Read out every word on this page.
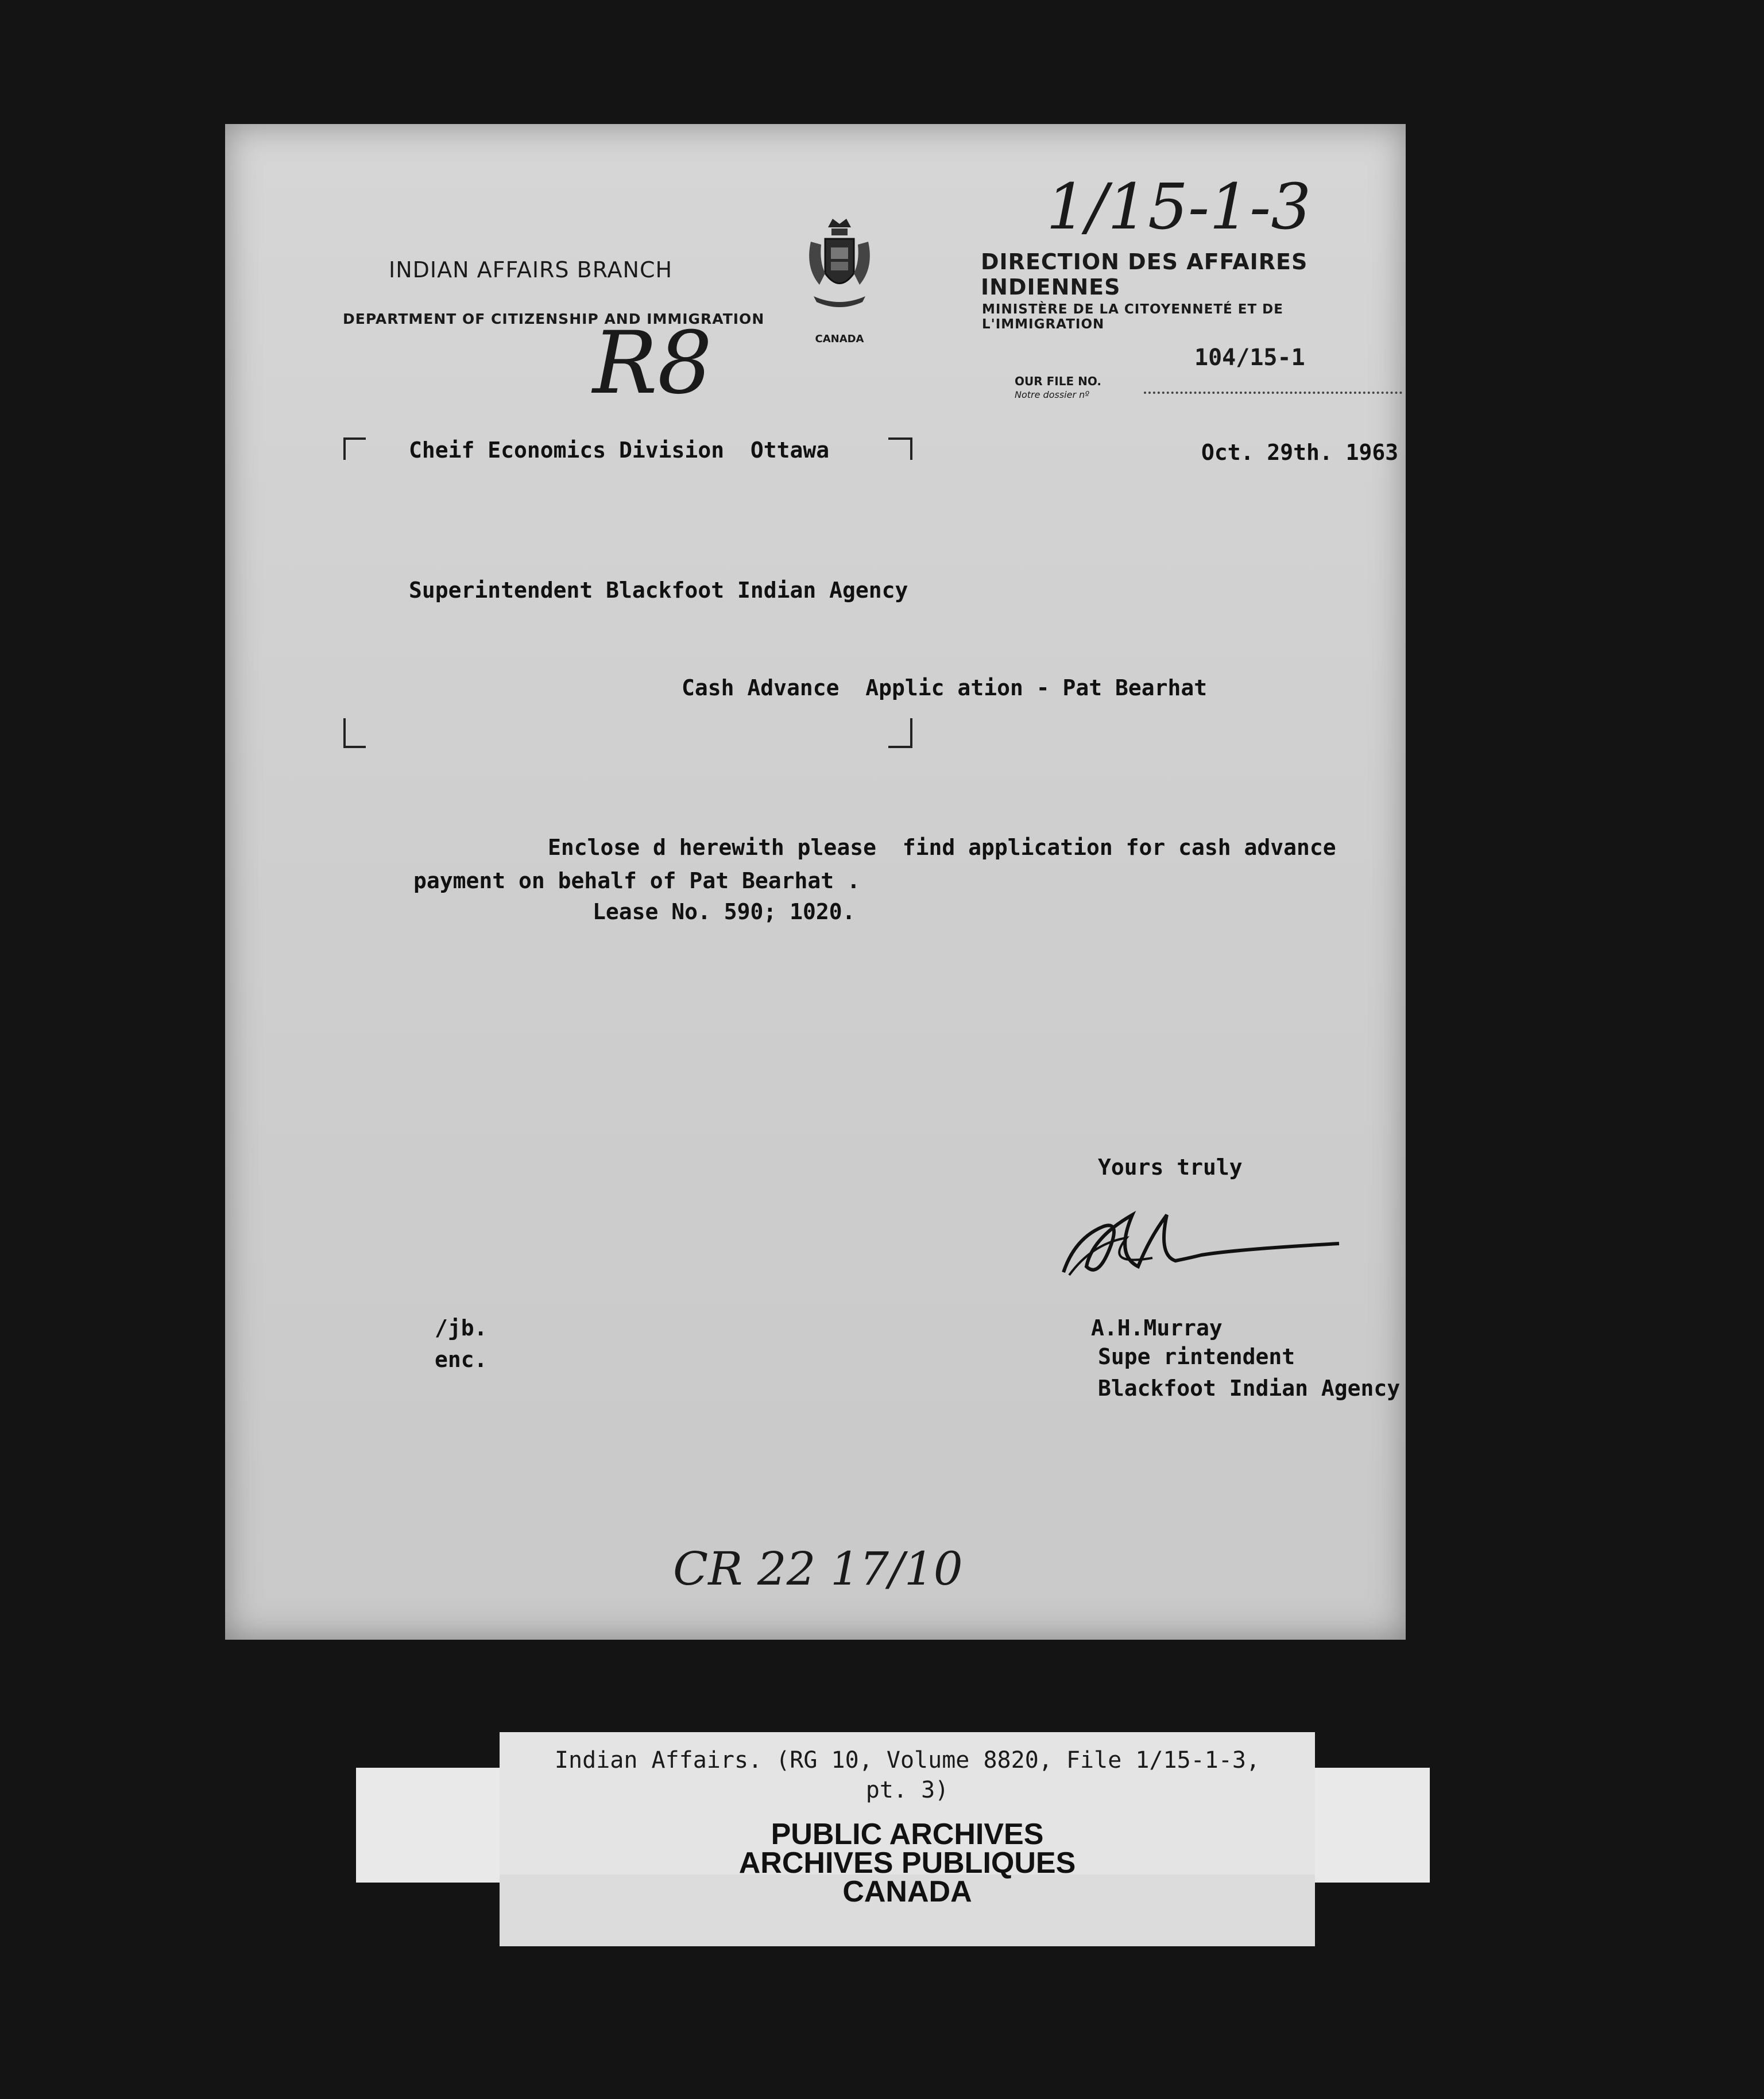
1/15-1-3
INDIAN AFFAIRS BRANCH
DEPARTMENT OF CITIZENSHIP AND IMMIGRATION
CANADA
DIRECTION DES AFFAIRES INDIENNES
MINISTÈRE DE LA CITOYENNETÉ ET DE L'IMMIGRATION
R8	OUR FILE NO.
Notre dossier nº
104/15-1
Cheif Economics Division  Ottawa	Oct. 29th. 1963
Superintendent Blackfoot Indian Agency
Cash Advance  Applic ation - Pat Bearhat
Enclose d herewith please  find application for cash advance
payment on behalf of Pat Bearhat .
Lease No. 590; 1020.
Yours truly
A.H.Murray
Supe rintendent
Blackfoot Indian Agency
/jb.
enc.
CR 22 17/10
Indian Affairs. (RG 10, Volume 8820, File 1/15-1-3,
pt. 3)
PUBLIC ARCHIVES
ARCHIVES PUBLIQUES
CANADA
